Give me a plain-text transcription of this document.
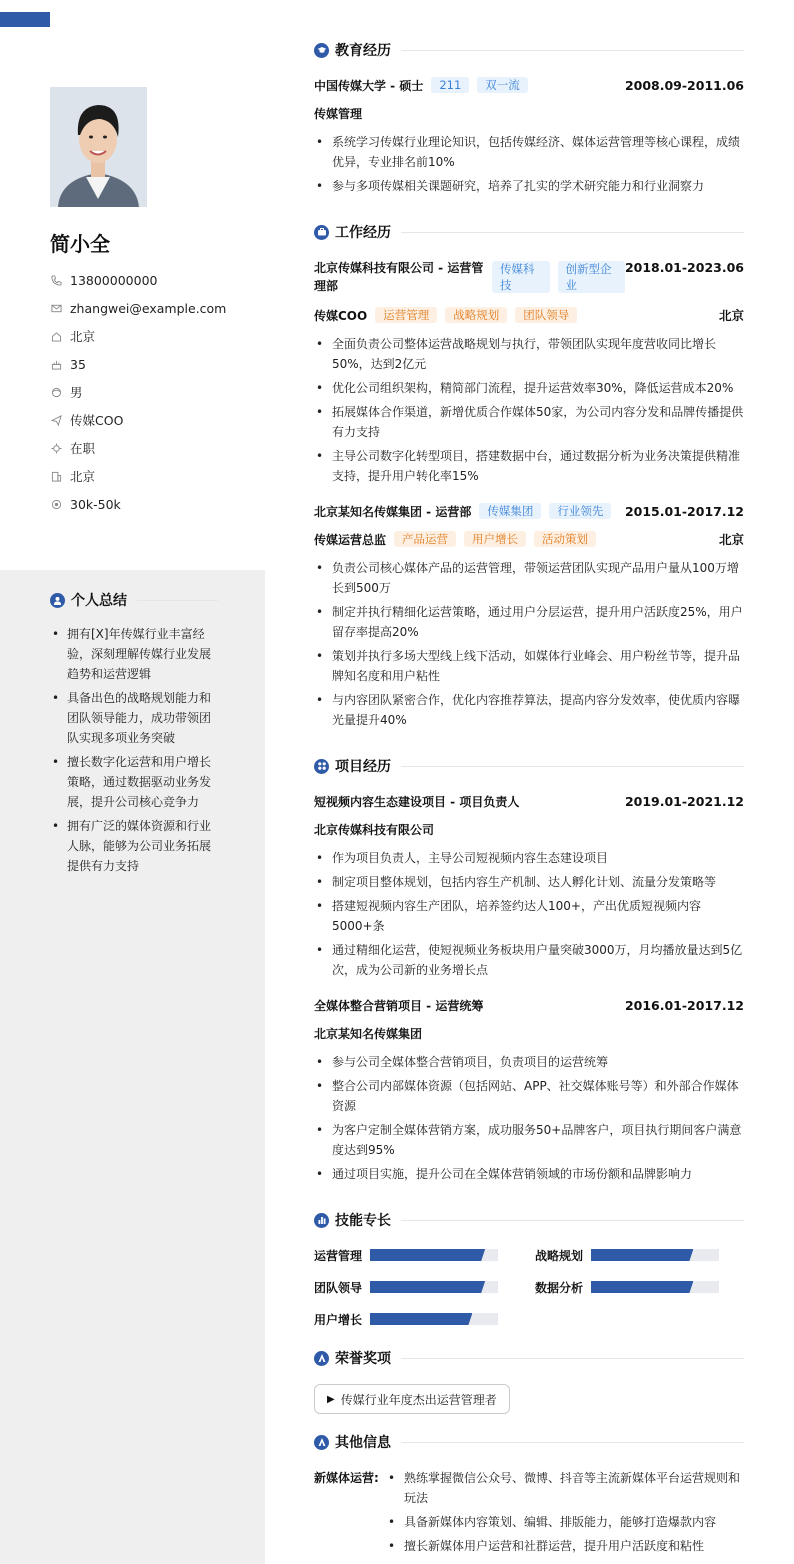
简小全
13800000000
zhangwei@example.com
北京
35
男
传媒COO
在职
北京
30k-50k
个人总结
• 拥有[X]年传媒行业丰富经验，深刻理解传媒行业发展趋势和运营逻辑
• 具备出色的战略规划能力和团队领导能力，成功带领团队实现多项业务突破
• 擅长数字化运营和用户增长策略，通过数据驱动业务发展，提升公司核心竞争力
• 拥有广泛的媒体资源和行业人脉，能够为公司业务拓展提供有力支持
教育经历
中国传媒大学 - 硕士	211	双一流	2008.09-2011.06
传媒管理
• 系统学习传媒行业理论知识，包括传媒经济、媒体运营管理等核心课程，成绩优异，专业排名前10%
• 参与多项传媒相关课题研究，培养了扎实的学术研究能力和行业洞察力
工作经历
北京传媒科技有限公司 - 运营管理部
传媒科技
创新型企业
2018.01-2023.06
传媒COO	运营管理	战略规划	团队领导	北京
• 全面负责公司整体运营战略规划与执行，带领团队实现年度营收同比增长50%，达到2亿元
• 优化公司组织架构，精简部门流程，提升运营效率30%，降低运营成本20%
• 拓展媒体合作渠道，新增优质合作媒体50家，为公司内容分发和品牌传播提供有力支持
• 主导公司数字化转型项目，搭建数据中台，通过数据分析为业务决策提供精准支持，提升用户转化率15%
北京某知名传媒集团 - 运营部	传媒集团	行业领先	2015.01-2017.12
传媒运营总监	产品运营	用户增长	活动策划	北京
• 负责公司核心媒体产品的运营管理，带领运营团队实现产品用户量从100万增长到500万
• 制定并执行精细化运营策略，通过用户分层运营，提升用户活跃度25%，用户留存率提高20%
• 策划并执行多场大型线上线下活动，如媒体行业峰会、用户粉丝节等，提升品牌知名度和用户粘性
• 与内容团队紧密合作，优化内容推荐算法，提高内容分发效率，使优质内容曝光量提升40%
项目经历
短视频内容生态建设项目 - 项目负责人	2019.01-2021.12
北京传媒科技有限公司
• 作为项目负责人，主导公司短视频内容生态建设项目
• 制定项目整体规划，包括内容生产机制、达人孵化计划、流量分发策略等
• 搭建短视频内容生产团队，培养签约达人100+，产出优质短视频内容5000+条
• 通过精细化运营，使短视频业务板块用户量突破3000万，月均播放量达到5亿次，成为公司新的业务增长点
全媒体整合营销项目 - 运营统筹	2016.01-2017.12
北京某知名传媒集团
• 参与公司全媒体整合营销项目，负责项目的运营统筹
• 整合公司内部媒体资源（包括网站、APP、社交媒体账号等）和外部合作媒体资源
• 为客户定制全媒体营销方案，成功服务50+品牌客户，项目执行期间客户满意度达到95%
• 通过项目实施，提升公司在全媒体营销领域的市场份额和品牌影响力
技能专长
运营管理	战略规划
团队领导	数据分析
用户增长
荣誉奖项
▶ 传媒行业年度杰出运营管理者
其他信息
新媒体运营:
•	熟练掌握微信公众号、微博、抖音等主流新媒体平台运营规则和玩法
• 具备新媒体内容策划、编辑、排版能力，能够打造爆款内容
• 擅长新媒体用户运营和社群运营，提升用户活跃度和粘性
